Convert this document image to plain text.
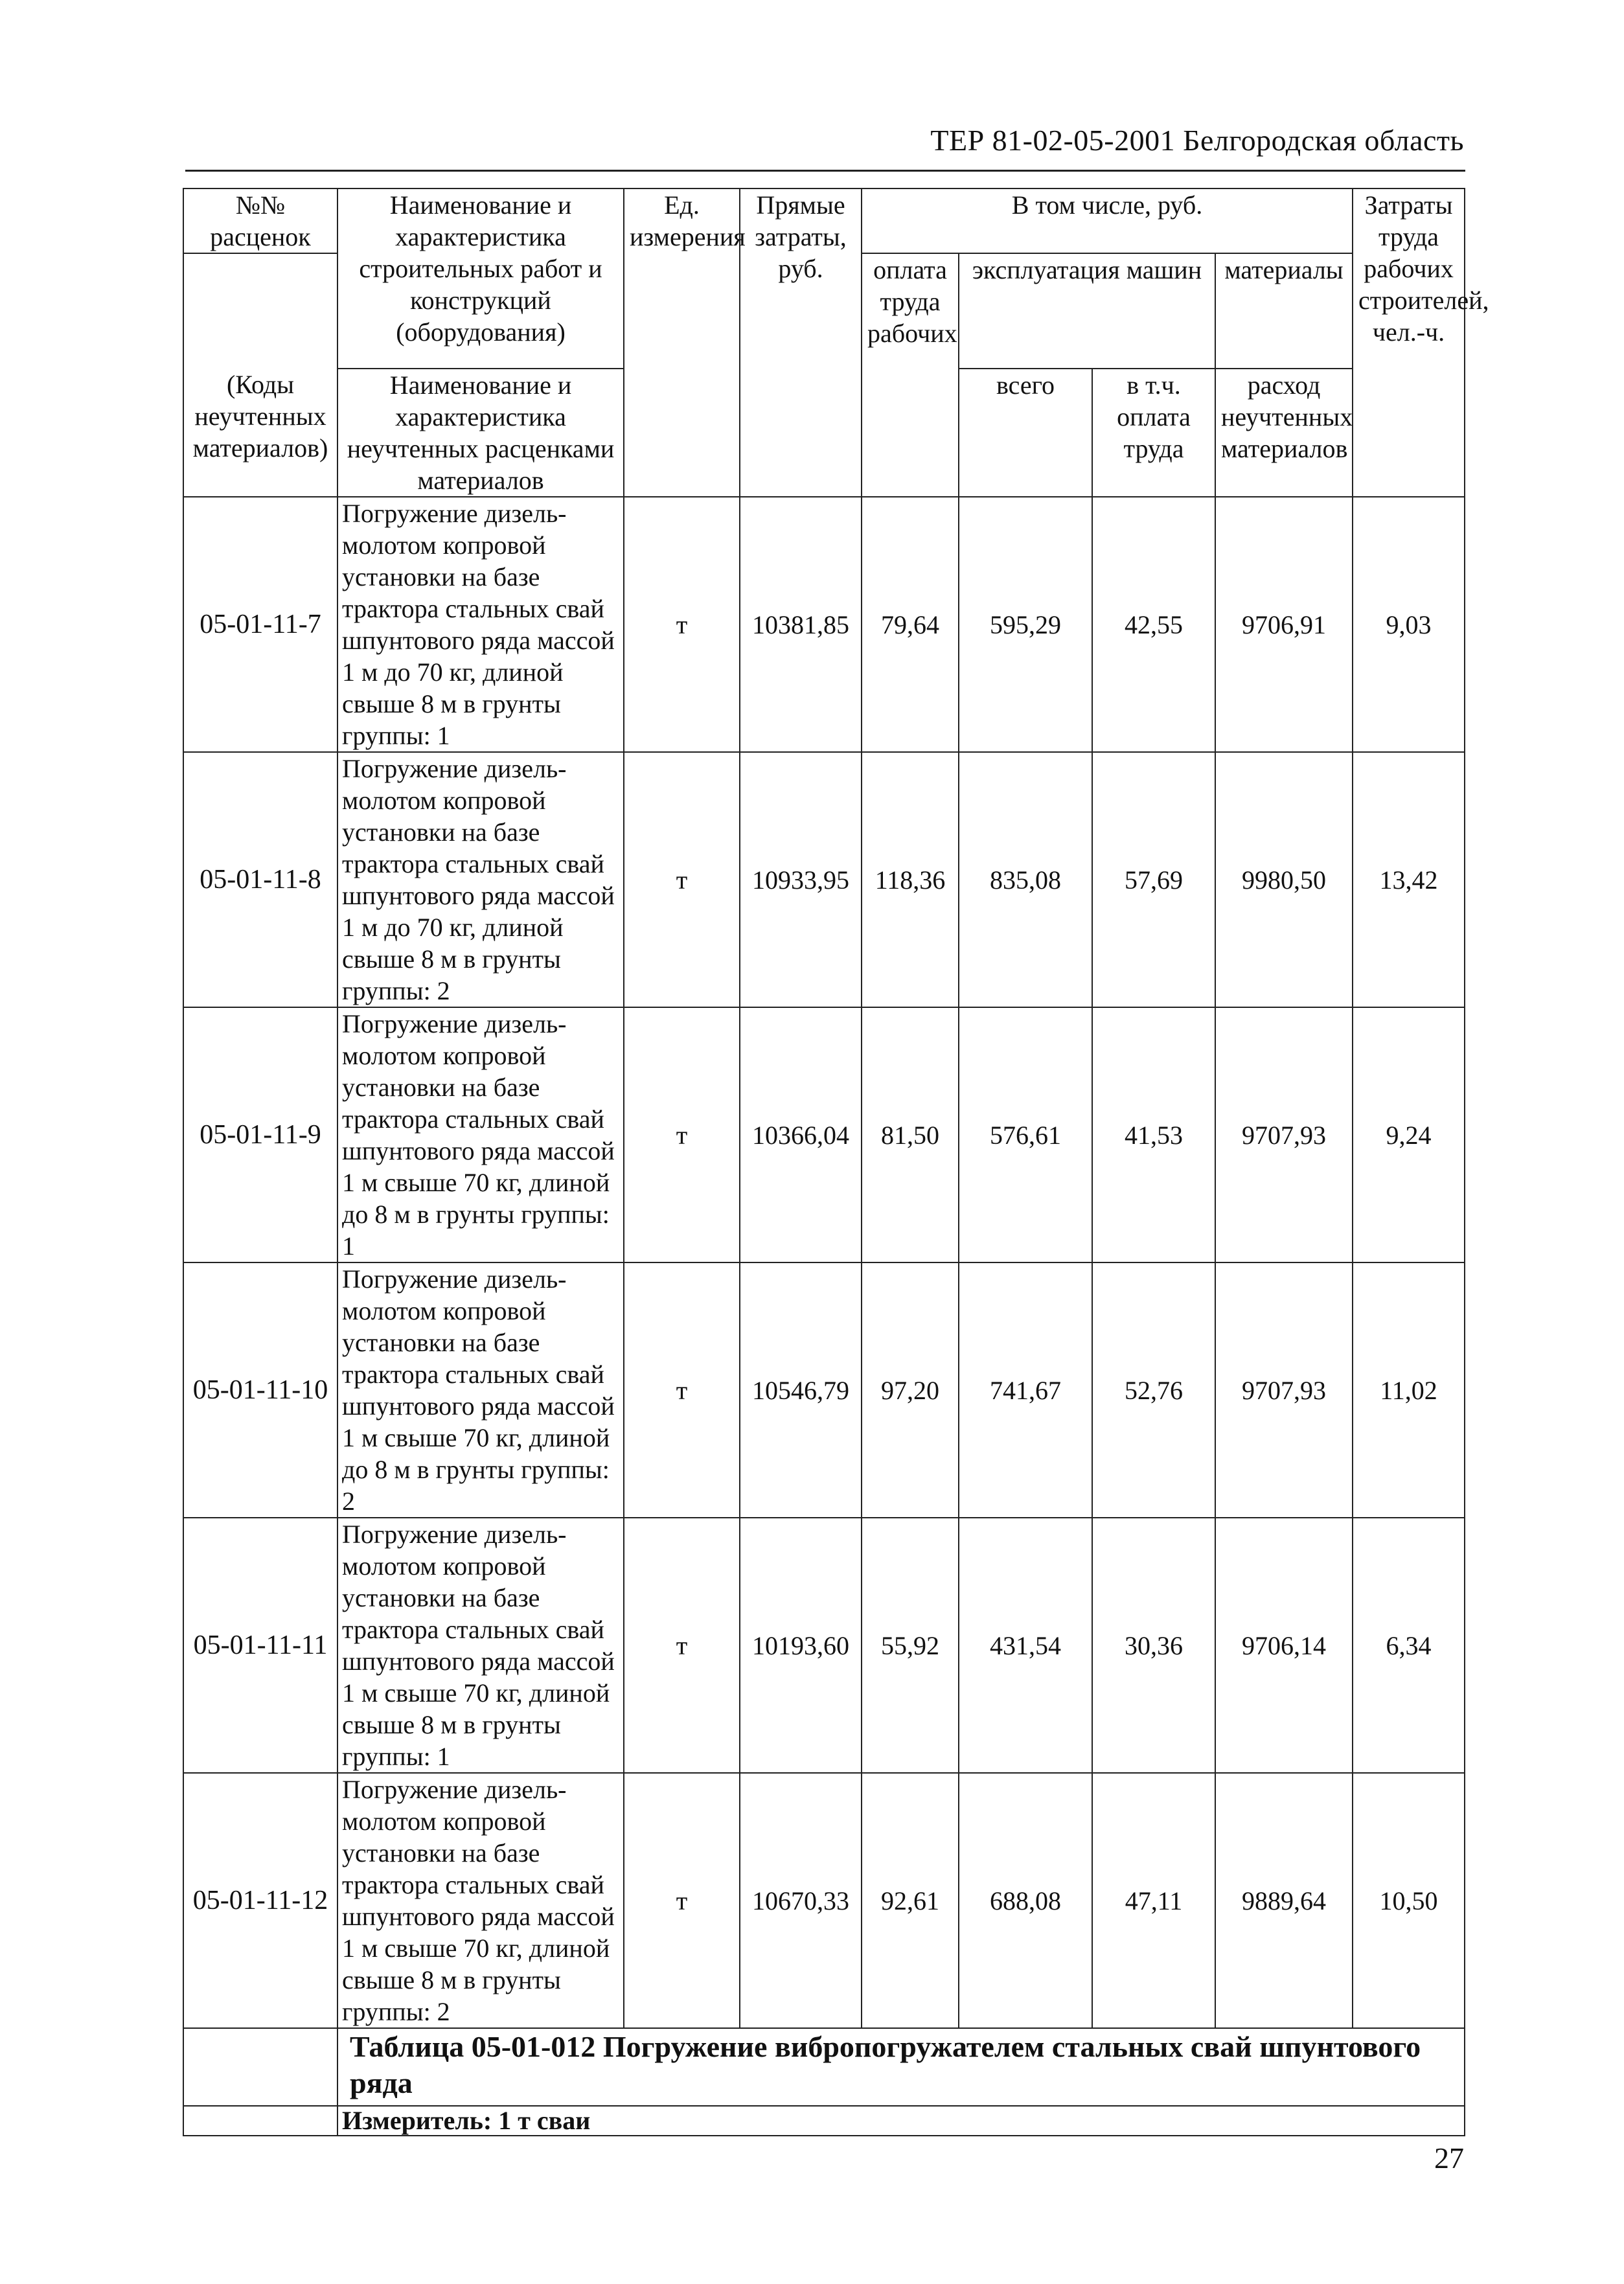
ТЕР 81-02-05-2001 Белгородская область
№№ расценок	Наименование и характеристика строительных работ и конструкций (оборудования)	Ед. измерения	Прямые затраты, руб.	В том числе, руб.				Затраты труда рабочих строителей, чел.-ч.
				оплата труда рабочих	эксплуатация машин		материалы	
(Коды неучтенных материалов)	Наименование и характеристика неучтенных расценками материалов				всего	в т.ч. оплата труда	расход неучтенных материалов	

05-01-11-7	Погружение дизель-молотом копровой установки на базе трактора стальных свай шпунтового ряда массой 1 м до 70 кг, длиной свыше 8 м в грунты группы: 1	т	10381,85	79,64	595,29	42,55	9706,91	9,03
05-01-11-8	Погружение дизель-молотом копровой установки на базе трактора стальных свай шпунтового ряда массой 1 м до 70 кг, длиной свыше 8 м в грунты группы: 2	т	10933,95	118,36	835,08	57,69	9980,50	13,42
05-01-11-9	Погружение дизель-молотом копровой установки на базе трактора стальных свай шпунтового ряда массой 1 м свыше 70 кг, длиной до 8 м в грунты группы: 1	т	10366,04	81,50	576,61	41,53	9707,93	9,24
05-01-11-10	Погружение дизель-молотом копровой установки на базе трактора стальных свай шпунтового ряда массой 1 м свыше 70 кг, длиной до 8 м в грунты группы: 2	т	10546,79	97,20	741,67	52,76	9707,93	11,02
05-01-11-11	Погружение дизель-молотом копровой установки на базе трактора стальных свай шпунтового ряда массой 1 м свыше 70 кг, длиной свыше 8 м в грунты группы: 1	т	10193,60	55,92	431,54	30,36	9706,14	6,34
05-01-11-12	Погружение дизель-молотом копровой установки на базе трактора стальных свай шпунтового ряда массой 1 м свыше 70 кг, длиной свыше 8 м в грунты группы: 2	т	10670,33	92,61	688,08	47,11	9889,64	10,50
	Таблица 05-01-012 Погружение вибропогружателем стальных свай шпунтового ряда							
	Измеритель: 1 т сваи							
27
